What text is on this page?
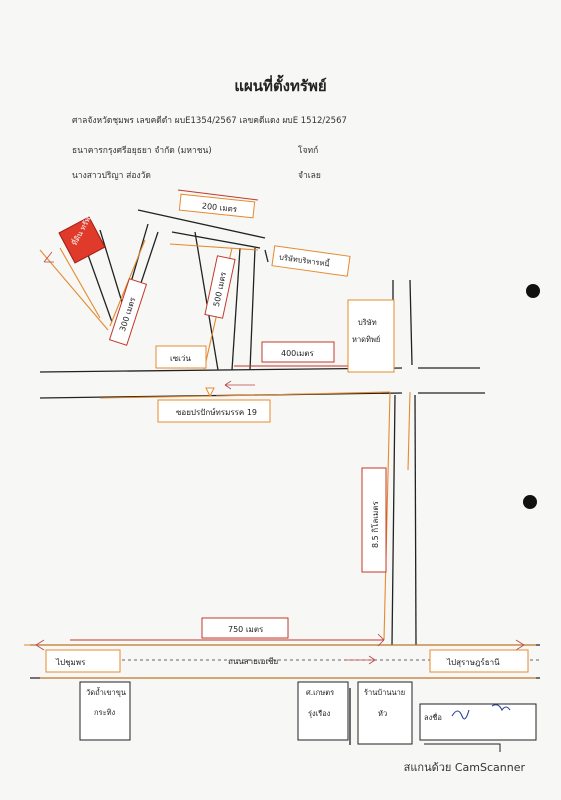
แผนที่ตั้งทรัพย์
ศาลจังหวัดชุมพร เลขคดีดำ ผบE1354/2567 เลขคดีแดง ผบE 1512/2567
ธนาคารกรุงศรีอยุธยา จำกัด (มหาชน)	โจทก์
นางสาวปริญา ส่องวัด	จำเลย
ที่ดิน ทรัพย์
200 เมตร
300 เมตร
500 เมตร
บริษัทบริหารหนี้
บริษัท
หาดทิพย์
เซเว่น
400เมตร
ซอยปรปักษ์ทรมรรค 19
8.5 กิโลเมตร
750 เมตร
ถนนสายเอเชีย
ไปชุมพร	ไปสุราษฎร์ธานี
วัดถ้ำเขาขุน
กระทิง
ศ.เกษตร
รุ่งเรือง
ร้านบ้านนาย
หัว	ลงชื่อ
สแกนด้วย CamScanner
